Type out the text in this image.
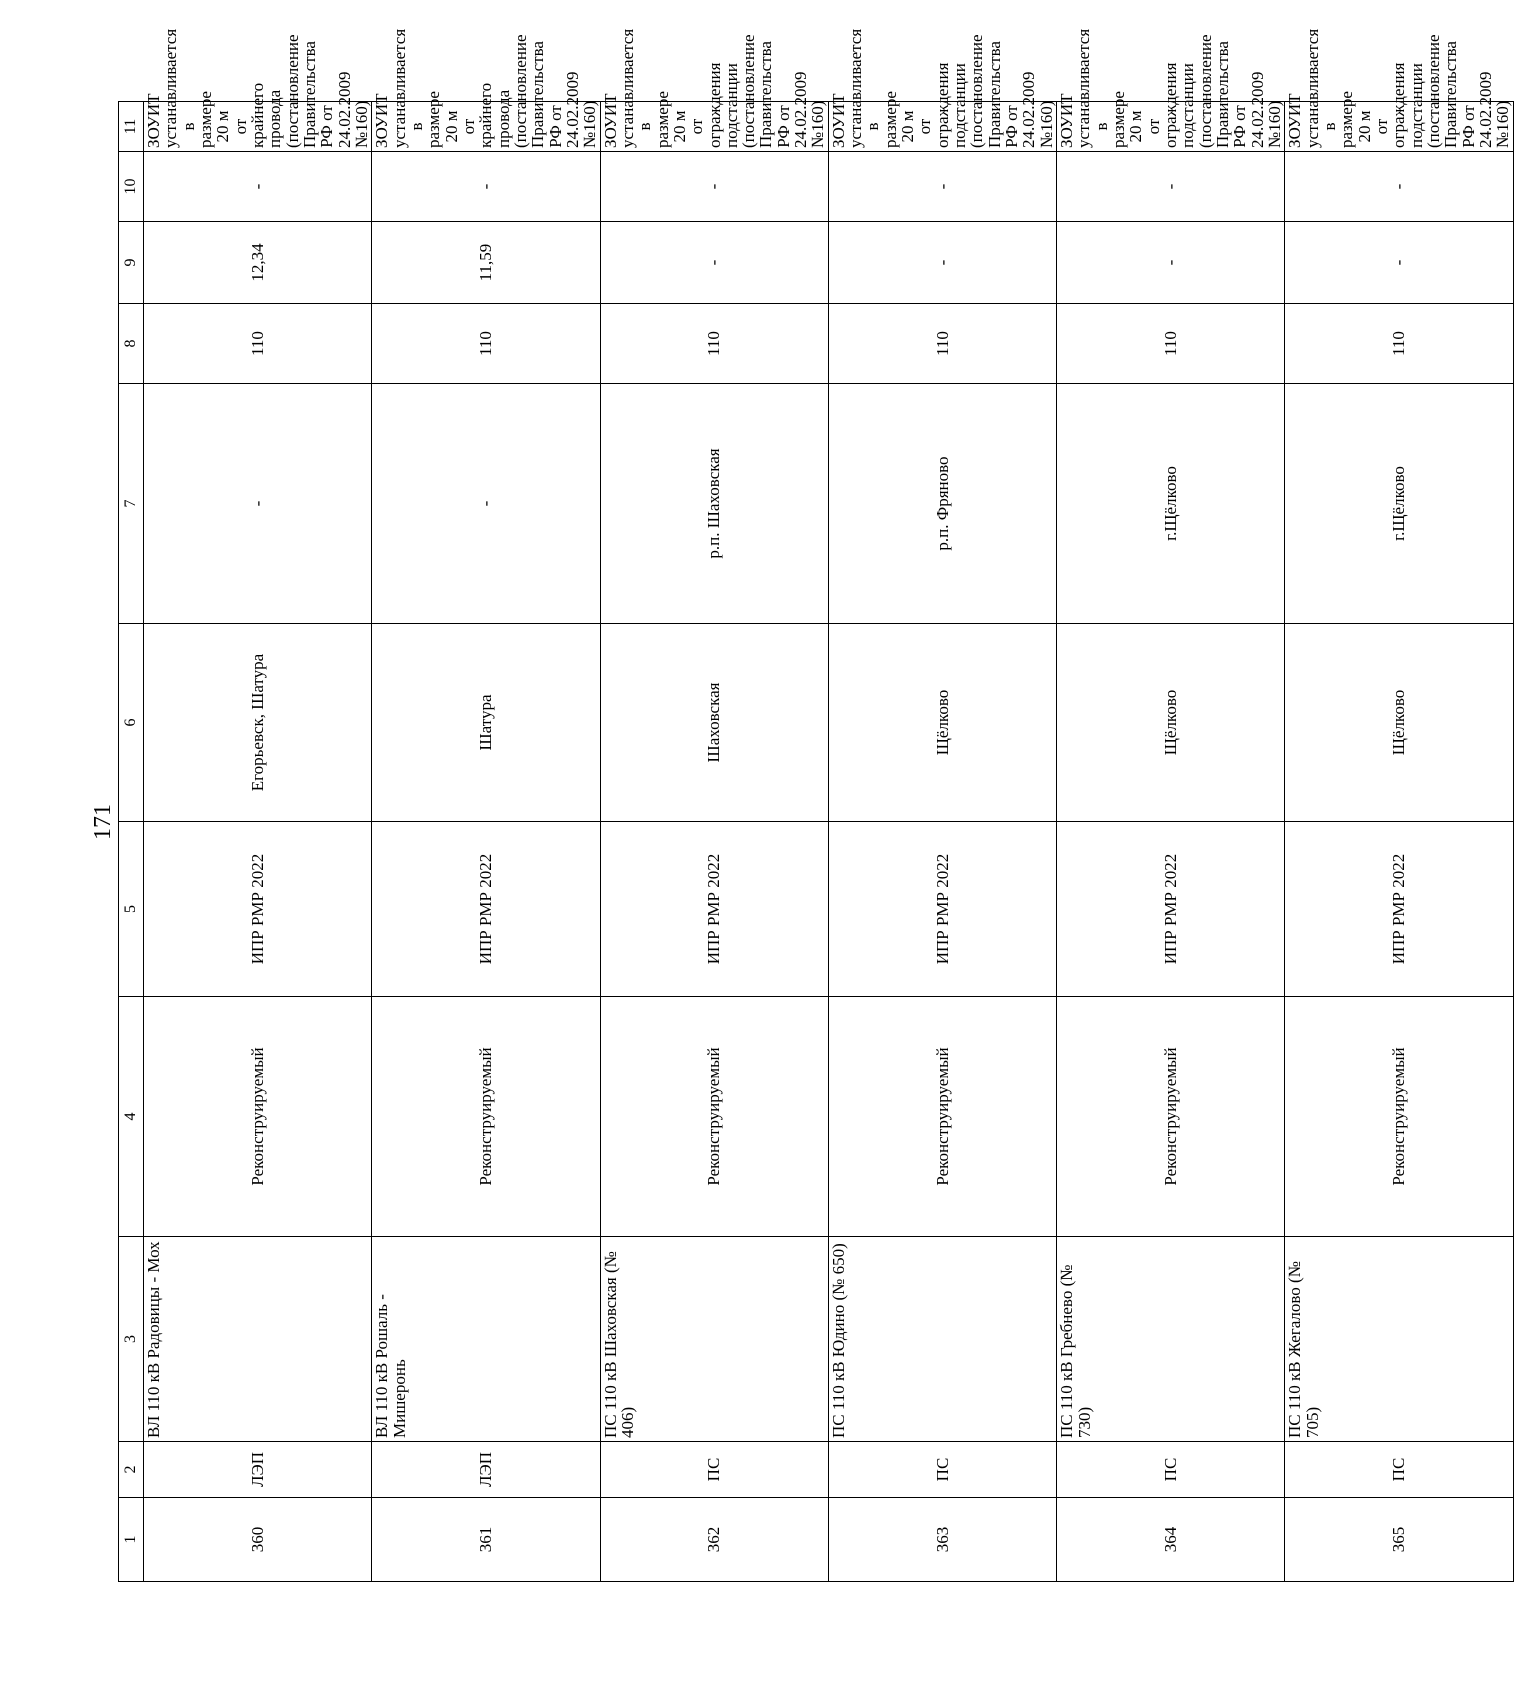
171
1	2	3	4	5	6	7	8	9	10	11
360	ЛЭП	ВЛ 110 кВ Радовицы - Мох	Реконструируемый	ИПР РМР 2022	Егорьевск, Шатура	-	110	12,34	-	ЗОУИТ устанавливается в размере 20 м от крайнего провода (постановление Правительства РФ от 24.02.2009 №160)
361	ЛЭП	ВЛ 110 кВ Рошаль - Мишеронь	Реконструируемый	ИПР РМР 2022	Шатура	-	110	11,59	-	ЗОУИТ устанавливается в размере 20 м от крайнего провода (постановление Правительства РФ от 24.02.2009 №160)
362	ПС	ПС 110 кВ Шаховская (№ 406)	Реконструируемый	ИПР РМР 2022	Шаховская	р.п. Шаховская	110	-	-	ЗОУИТ устанавливается в размере 20 м от ограждения подстанции (постановление Правительства РФ от 24.02.2009 №160)
363	ПС	ПС 110 кВ Юдино (№ 650)	Реконструируемый	ИПР РМР 2022	Щёлково	р.п. Фряново	110	-	-	ЗОУИТ устанавливается в размере 20 м от ограждения подстанции (постановление Правительства РФ от 24.02.2009 №160)
364	ПС	ПС 110 кВ Гребнево (№ 730)	Реконструируемый	ИПР РМР 2022	Щёлково	г.Щёлково	110	-	-	ЗОУИТ устанавливается в размере 20 м от ограждения подстанции (постановление Правительства РФ от 24.02.2009 №160)
365	ПС	ПС 110 кВ Жегалово (№ 705)	Реконструируемый	ИПР РМР 2022	Щёлково	г.Щёлково	110	-	-	ЗОУИТ устанавливается в размере 20 м от ограждения подстанции (постановление Правительства РФ от 24.02.2009 №160)
